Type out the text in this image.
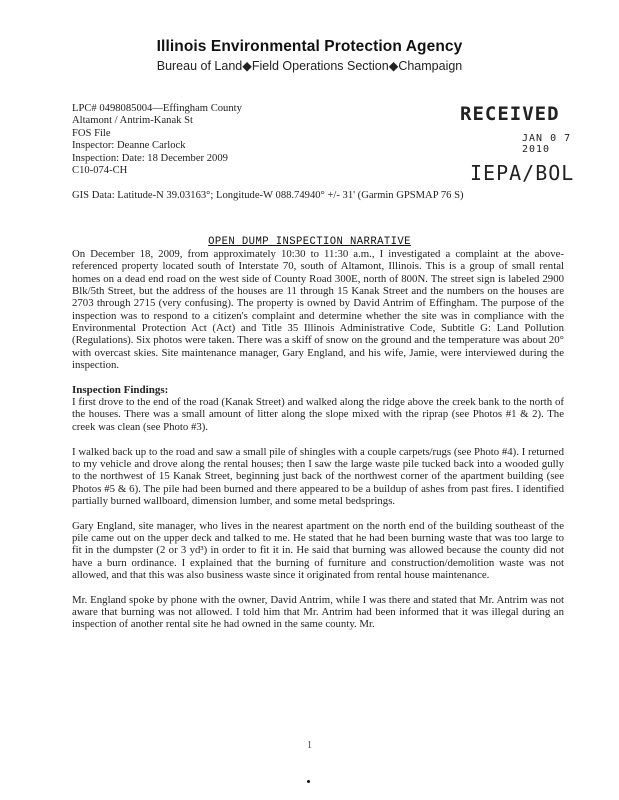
Illinois Environmental Protection Agency
Bureau of Land◆Field Operations Section◆Champaign
LPC# 0498085004—Effingham County
Altamont / Antrim-Kanak St
FOS File
Inspector: Deanne Carlock
Inspection: Date: 18 December 2009
C10-074-CH
GIS Data: Latitude-N 39.03163°; Longitude-W 088.74940° +/- 31' (Garmin GPSMAP 76 S)
RECEIVED
JAN 0 7 2010
IEPA/BOL
OPEN DUMP INSPECTION NARRATIVE

On December 18, 2009, from approximately 10:30 to 11:30 a.m., I investigated a complaint at the above-referenced property located south of Interstate 70, south of Altamont, Illinois. This is a group of small rental homes on a dead end road on the west side of County Road 300E, north of 800N. The street sign is labeled 2900 Blk/5th Street, but the address of the houses are 11 through 15 Kanak Street and the numbers on the houses are 2703 through 2715 (very confusing). The property is owned by David Antrim of Effingham. The purpose of the inspection was to respond to a citizen's complaint and determine whether the site was in compliance with the Environmental Protection Act (Act) and Title 35 Illinois Administrative Code, Subtitle G: Land Pollution (Regulations). Six photos were taken. There was a skiff of snow on the ground and the temperature was about 20° with overcast skies. Site maintenance manager, Gary England, and his wife, Jamie, were interviewed during the inspection.

Inspection Findings:

I first drove to the end of the road (Kanak Street) and walked along the ridge above the creek bank to the north of the houses. There was a small amount of litter along the slope mixed with the riprap (see Photos #1 & 2). The creek was clean (see Photo #3).

I walked back up to the road and saw a small pile of shingles with a couple carpets/rugs (see Photo #4). I returned to my vehicle and drove along the rental houses; then I saw the large waste pile tucked back into a wooded gully to the northwest of 15 Kanak Street, beginning just back of the northwest corner of the apartment building (see Photos #5 & 6). The pile had been burned and there appeared to be a buildup of ashes from past fires. I identified partially burned wallboard, dimension lumber, and some metal bedsprings.

Gary England, site manager, who lives in the nearest apartment on the north end of the building southeast of the pile came out on the upper deck and talked to me. He stated that he had been burning waste that was too large to fit in the dumpster (2 or 3 yd³) in order to fit it in. He said that burning was allowed because the county did not have a burn ordinance. I explained that the burning of furniture and construction/demolition waste was not allowed, and that this was also business waste since it originated from rental house maintenance.

Mr. England spoke by phone with the owner, David Antrim, while I was there and stated that Mr. Antrim was not aware that burning was not allowed. I told him that Mr. Antrim had been informed that it was illegal during an inspection of another rental site he had owned in the same county. Mr.

1
